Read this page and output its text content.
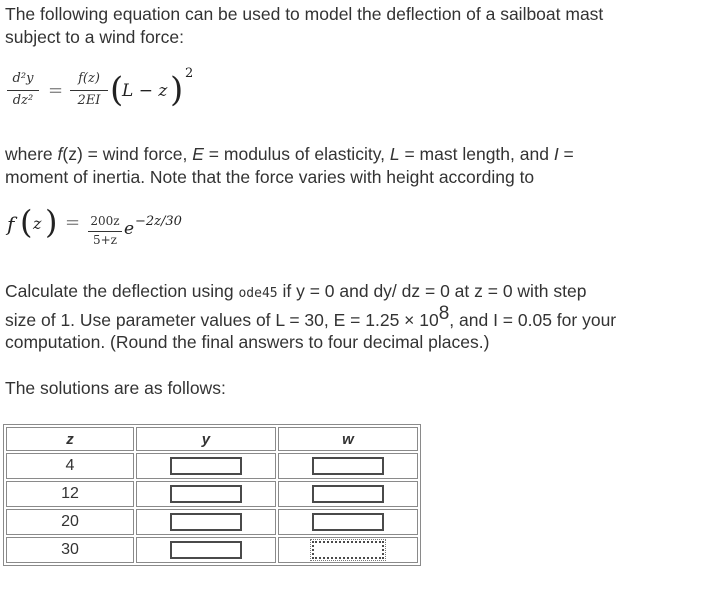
The following equation can be used to model the deflection of a sailboat mast
subject to a wind force:

d²y
dz² =
f(z)
2EI (
L − z ) 2

where f(z) = wind force, E = modulus of elasticity, L = mast length, and I =
moment of inertia. Note that the force varies with height according to

f ( z ) = 200z
5+z
e −2z/30

Calculate the deflection using ode45 if y = 0 and dy/ dz = 0 at z = 0 with step
size of 1. Use parameter values of L = 30, $E = 1.25 \times 10^8$, and I = 0.05 for your
computation. (Round the final answers to four decimal places.)

The solutions are as follows:

z	y	w
4		
12		
20		
30		
